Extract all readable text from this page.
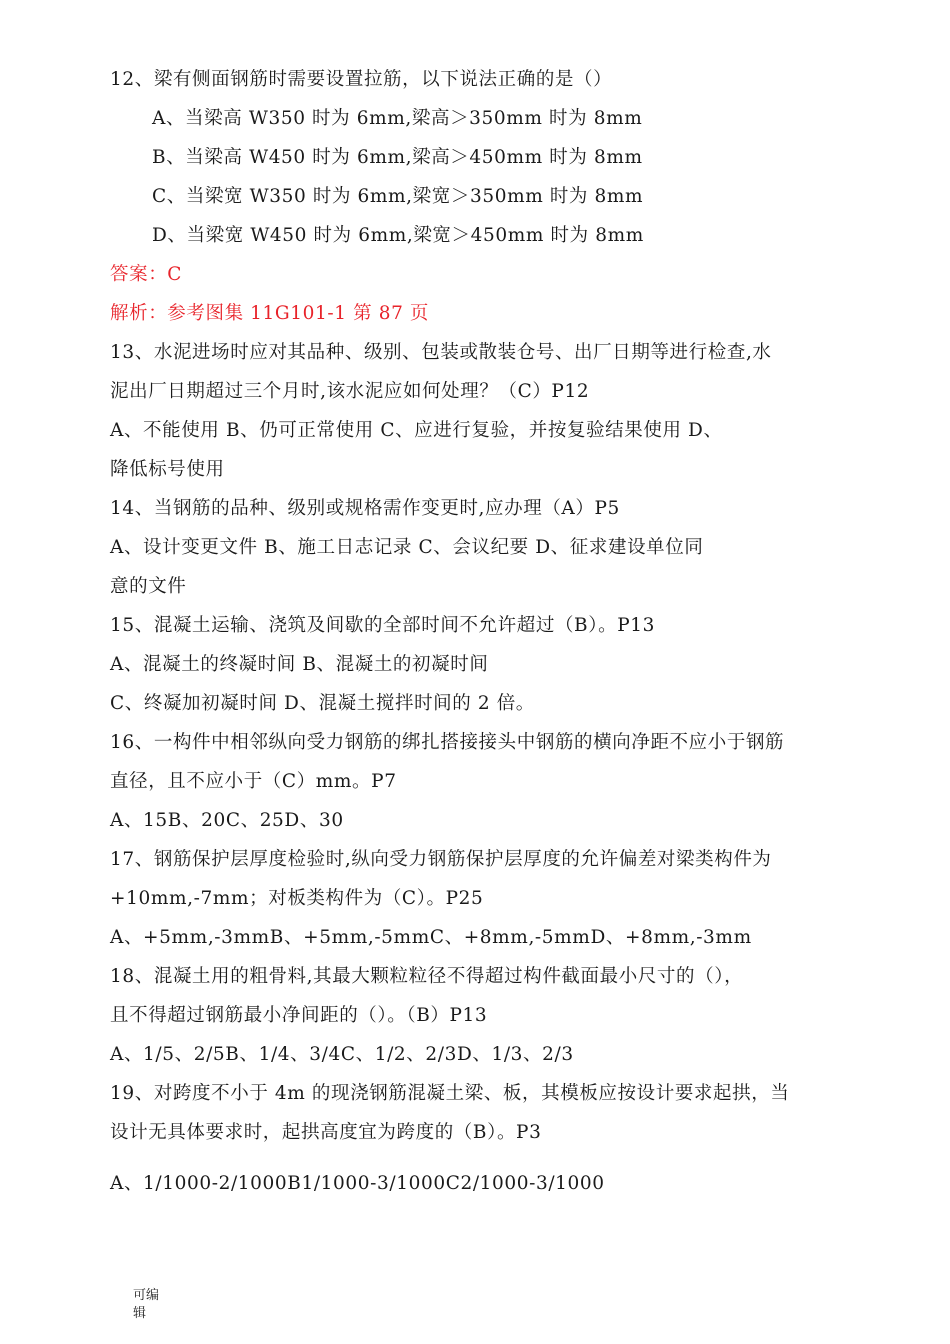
12、梁有侧面钢筋时需要设置拉筋，以下说法正确的是（）
A、当梁高 W350 时为 6mm,梁高＞350mm 时为 8mm
B、当梁高 W450 时为 6mm,梁高＞450mm 时为 8mm
C、当梁宽 W350 时为 6mm,梁宽＞350mm 时为 8mm
D、当梁宽 W450 时为 6mm,梁宽＞450mm 时为 8mm
答案：C
解析：参考图集 11G101-1 第 87 页
13、水泥进场时应对其品种、级别、包装或散装仓号、出厂日期等进行检查,水
泥出厂日期超过三个月时,该水泥应如何处理？（C）P12
A、不能使用 B、仍可正常使用 C、应进行复验，并按复验结果使用 D、
降低标号使用
14、当钢筋的品种、级别或规格需作变更时,应办理（A）P5
A、设计变更文件 B、施工日志记录 C、会议纪要 D、征求建设单位同
意的文件
15、混凝土运输、浇筑及间歇的全部时间不允许超过（B）。P13
A、混凝土的终凝时间 B、混凝土的初凝时间
C、终凝加初凝时间 D、混凝土搅拌时间的 2 倍。
16、一构件中相邻纵向受力钢筋的绑扎搭接接头中钢筋的横向净距不应小于钢筋
直径，且不应小于（C）mm。P7
A、15B、20C、25D、30
17、钢筋保护层厚度检验时,纵向受力钢筋保护层厚度的允许偏差对梁类构件为
+10mm,-7mm；对板类构件为（C）。P25
A、+5mm,-3mmB、+5mm,-5mmC、+8mm,-5mmD、+8mm,-3mm
18、混凝土用的粗骨料,其最大颗粒粒径不得超过构件截面最小尺寸的（），
且不得超过钢筋最小净间距的（）。（B）P13
A、1/5、2/5B、1/4、3/4C、1/2、2/3D、1/3、2/3
19、对跨度不小于 4m 的现浇钢筋混凝土梁、板，其模板应按设计要求起拱，当
设计无具体要求时，起拱高度宜为跨度的（B）。P3
A、1/1000-2/1000B1/1000-3/1000C2/1000-3/1000
可编
辑
